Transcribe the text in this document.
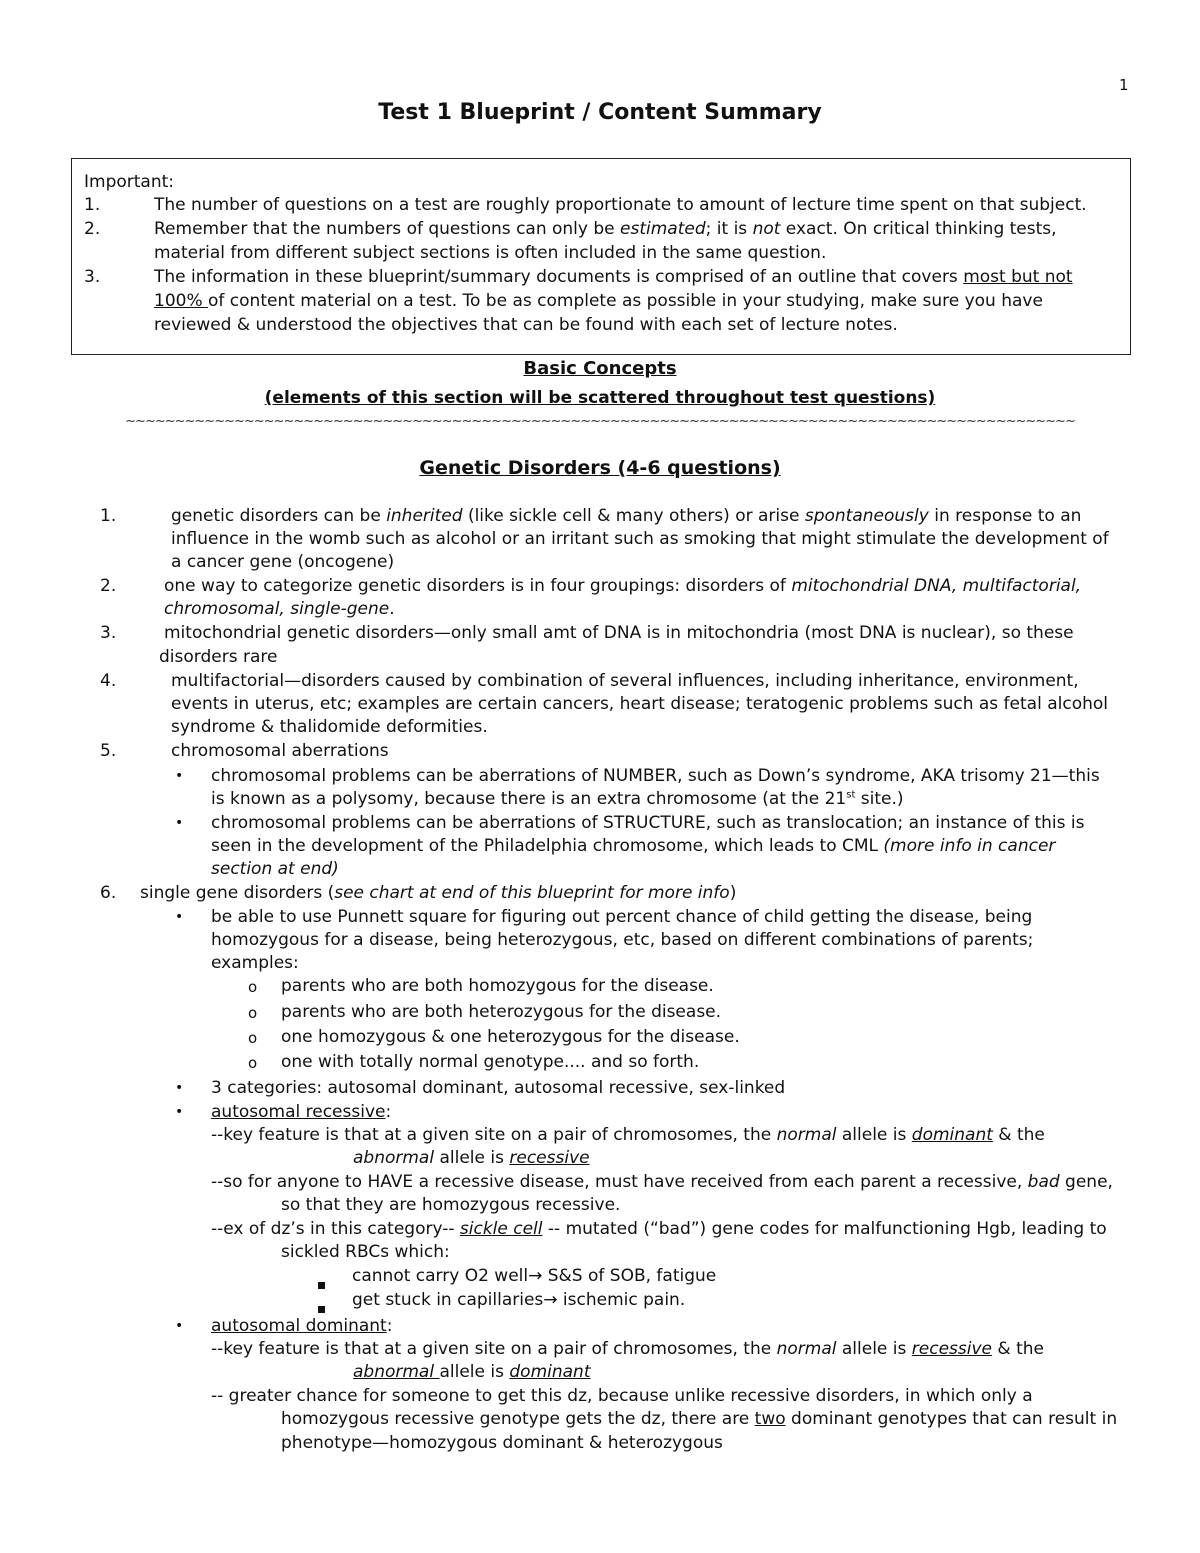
1
Test 1 Blueprint / Content Summary
Important:
1.	The number of questions on a test are roughly proportionate to amount of lecture time spent on that subject.
2.	Remember that the numbers of questions can only be estimated; it is not exact. On critical thinking tests,
material from different subject sections is often included in the same question.
3.	The information in these blueprint/summary documents is comprised of an outline that covers most but not
100% of content material on a test. To be as complete as possible in your studying, make sure you have
reviewed & understood the objectives that can be found with each set of lecture notes.
Basic Concepts
(elements of this section will be scattered throughout test questions)
~~~~~~~~~~~~~~~~~~~~~~~~~~~~~~~~~~~~~~~~~~~~~~~~~~~~~~~~~~~~~~~~~~~~~~~~~~~~~~~~~~~~~~~~~~~~~~~~
Genetic Disorders (4-6 questions)
1.	genetic disorders can be inherited (like sickle cell & many others) or arise spontaneously in response to an
influence in the womb such as alcohol or an irritant such as smoking that might stimulate the development of
a cancer gene (oncogene)
2.	one way to categorize genetic disorders is in four groupings: disorders of mitochondrial DNA, multifactorial,
chromosomal, single-gene.
3.	mitochondrial genetic disorders—only small amt of DNA is in mitochondria (most DNA is nuclear), so these
disorders rare
4.	multifactorial—disorders caused by combination of several influences, including inheritance, environment,
events in uterus, etc; examples are certain cancers, heart disease; teratogenic problems such as fetal alcohol
syndrome & thalidomide deformities.
5.	chromosomal aberrations
• chromosomal problems can be aberrations of NUMBER, such as Down’s syndrome, AKA trisomy 21—this
is known as a polysomy, because there is an extra chromosome (at the 21st site.)
• chromosomal problems can be aberrations of STRUCTURE, such as translocation; an instance of this is
seen in the development of the Philadelphia chromosome, which leads to CML (more info in cancer
section at end)
6. single gene disorders (see chart at end of this blueprint for more info)
• be able to use Punnett square for figuring out percent chance of child getting the disease, being
homozygous for a disease, being heterozygous, etc, based on different combinations of parents;
examples:
o parents who are both homozygous for the disease.
o parents who are both heterozygous for the disease.
o one homozygous & one heterozygous for the disease.
o one with totally normal genotype.... and so forth.
• 3 categories: autosomal dominant, autosomal recessive, sex-linked
• autosomal recessive:
--key feature is that at a given site on a pair of chromosomes, the normal allele is dominant & the
abnormal allele is recessive
--so for anyone to HAVE a recessive disease, must have received from each parent a recessive, bad gene,
so that they are homozygous recessive.
--ex of dz’s in this category-- sickle cell -- mutated (“bad”) gene codes for malfunctioning Hgb, leading to
sickled RBCs which:
cannot carry O2 well→ S&S of SOB, fatigue
get stuck in capillaries→ ischemic pain.
• autosomal dominant:
--key feature is that at a given site on a pair of chromosomes, the normal allele is recessive & the
abnormal allele is dominant
-- greater chance for someone to get this dz, because unlike recessive disorders, in which only a
homozygous recessive genotype gets the dz, there are two dominant genotypes that can result in
phenotype—homozygous dominant & heterozygous
